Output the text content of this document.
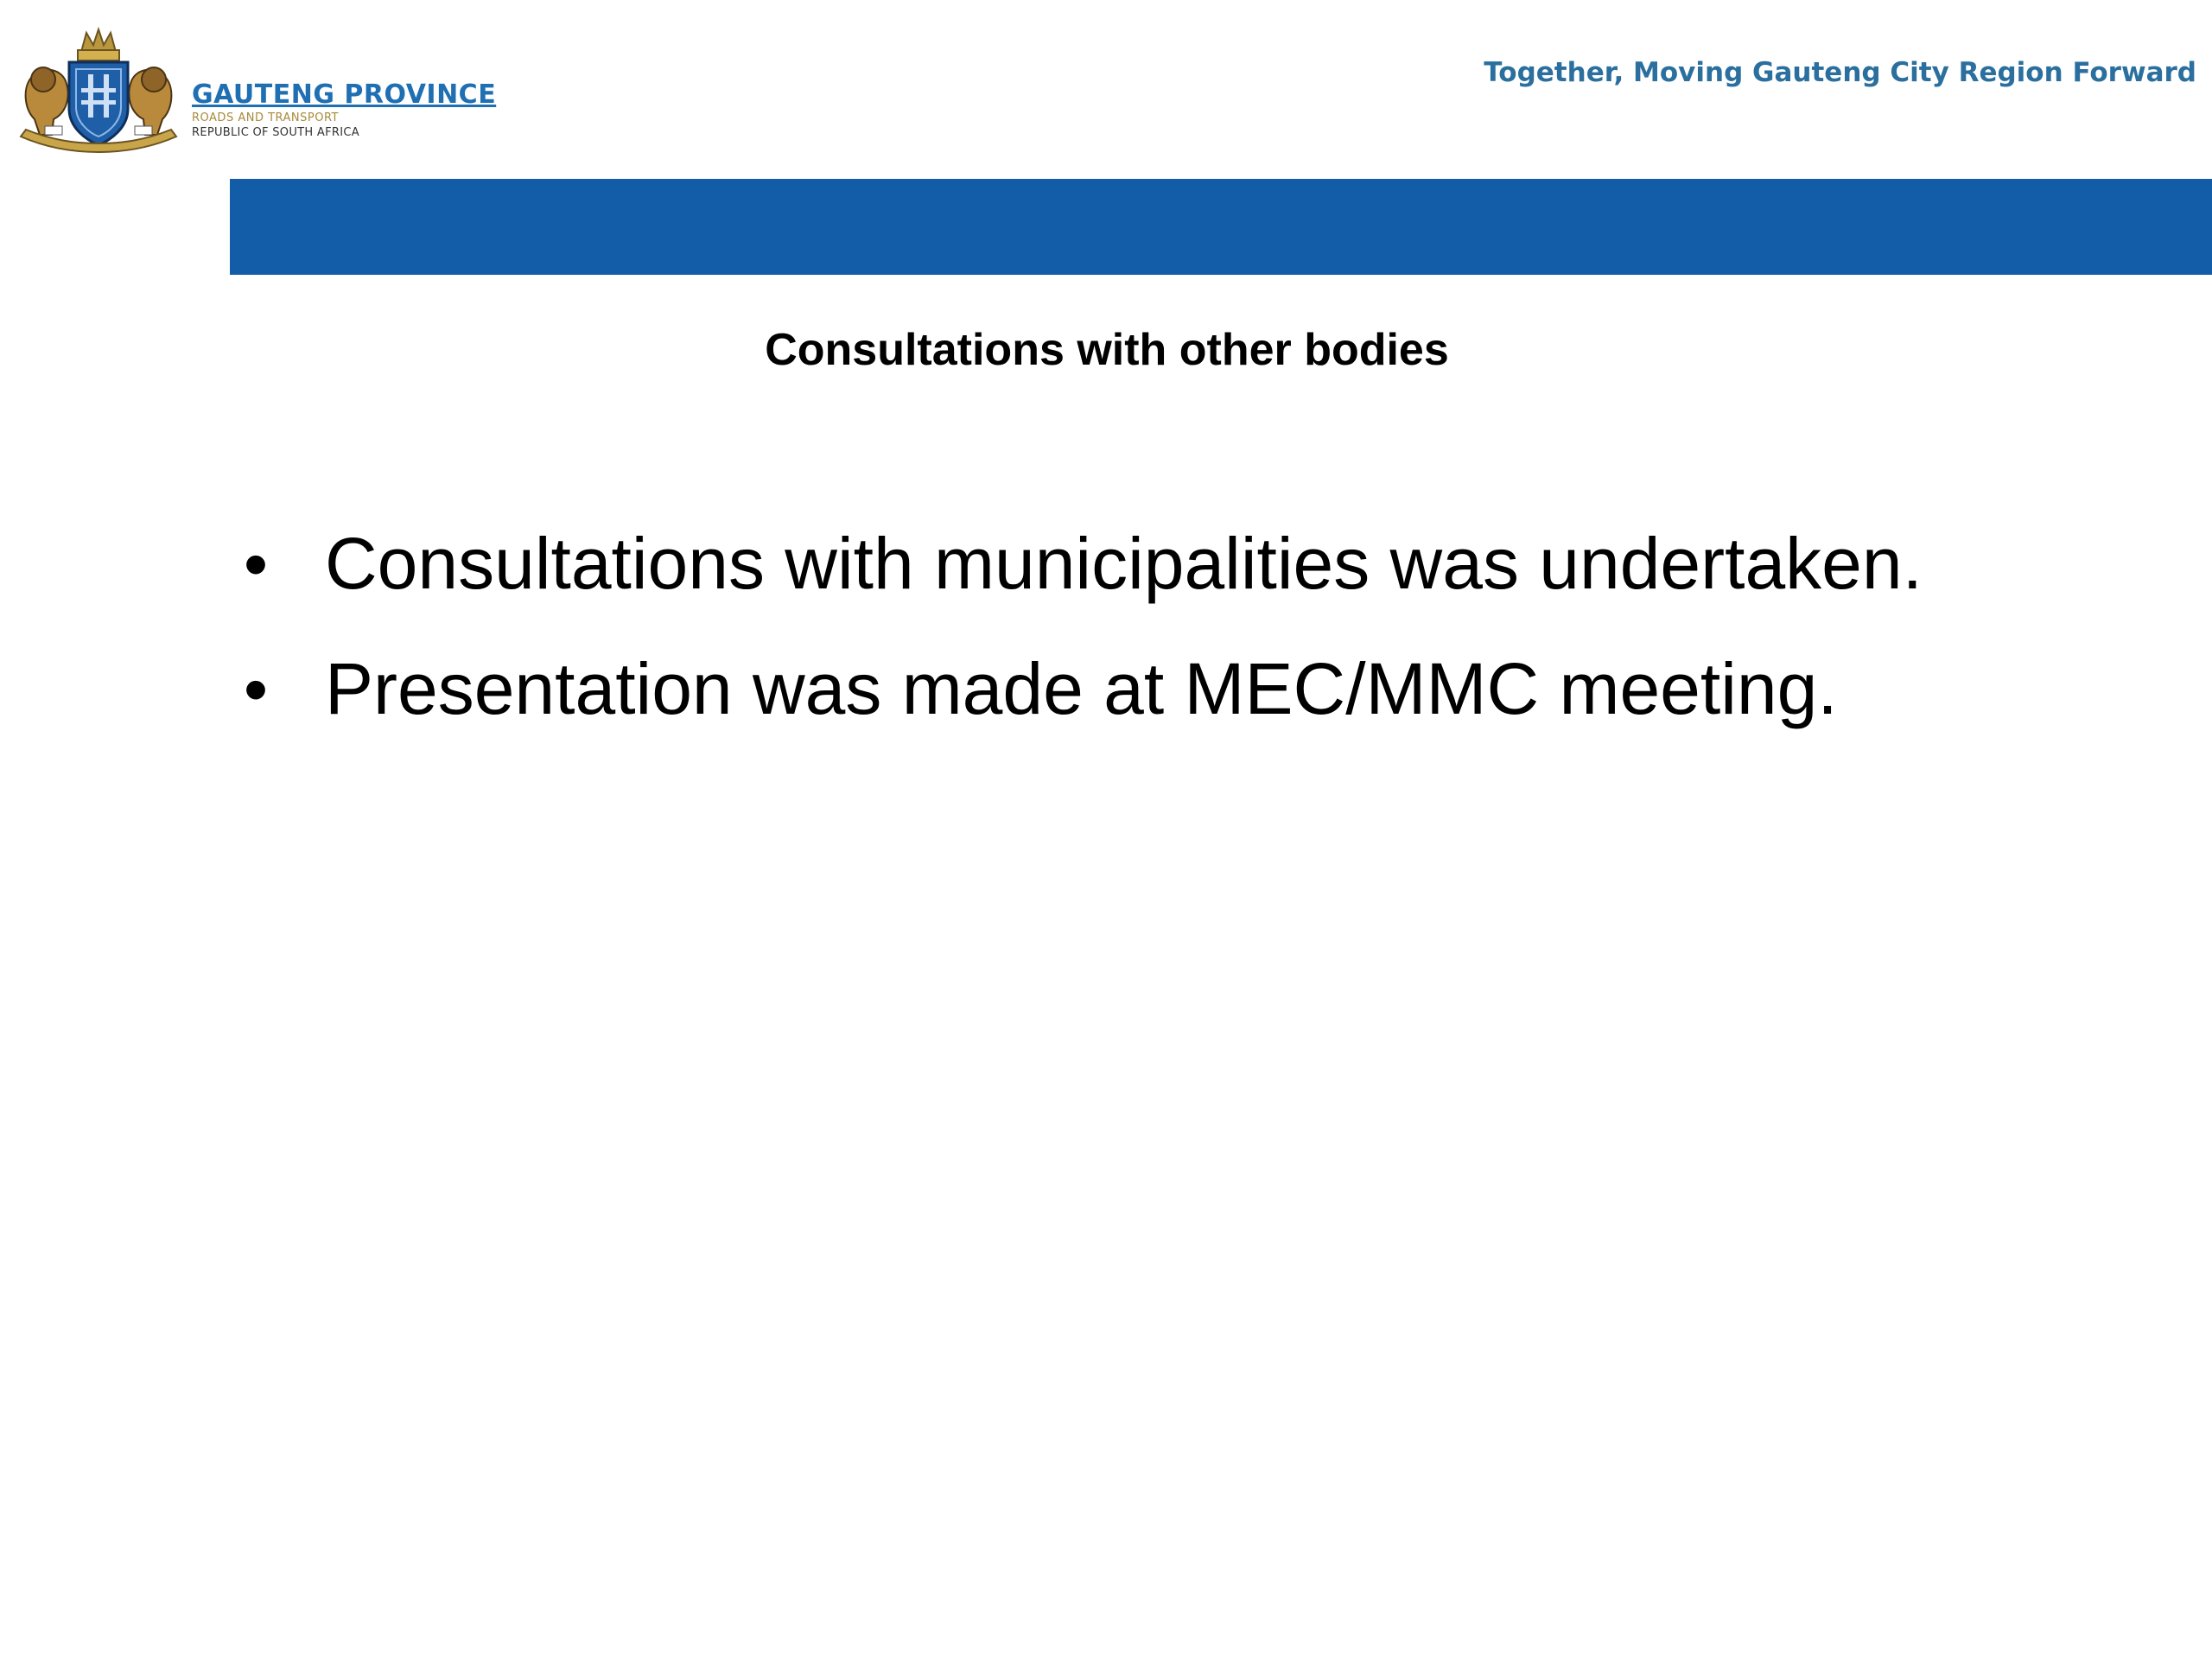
GAUTENG PROVINCE
ROADS AND TRANSPORT
REPUBLIC OF SOUTH AFRICA
Together, Moving Gauteng City Region Forward
Consultations with other bodies
• Consultations with municipalities was undertaken.
• Presentation was made at MEC/MMC meeting.
